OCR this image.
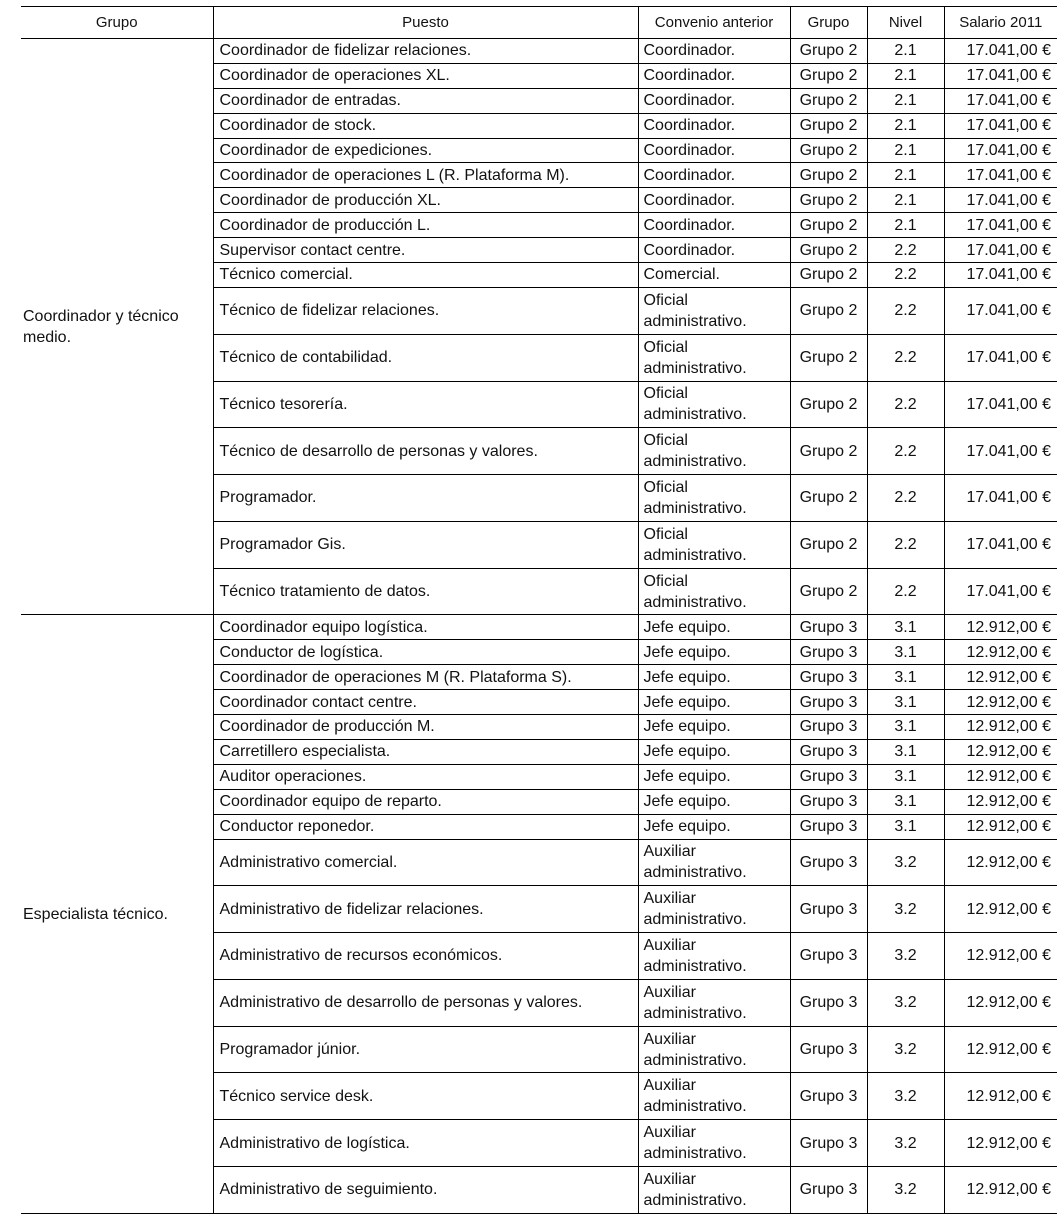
Grupo	Puesto	Convenio anterior	Grupo	Nivel	Salario 2011
Coordinador y técnico medio.	Coordinador de fidelizar relaciones.	Coordinador.	Grupo 2	2.1	17.041,00 €
	Coordinador de operaciones XL.	Coordinador.	Grupo 2	2.1	17.041,00 €
	Coordinador de entradas.	Coordinador.	Grupo 2	2.1	17.041,00 €
	Coordinador de stock.	Coordinador.	Grupo 2	2.1	17.041,00 €
	Coordinador de expediciones.	Coordinador.	Grupo 2	2.1	17.041,00 €
	Coordinador de operaciones L (R. Plataforma M).	Coordinador.	Grupo 2	2.1	17.041,00 €
	Coordinador de producción XL.	Coordinador.	Grupo 2	2.1	17.041,00 €
	Coordinador de producción L.	Coordinador.	Grupo 2	2.1	17.041,00 €
	Supervisor contact centre.	Coordinador.	Grupo 2	2.2	17.041,00 €
	Técnico comercial.	Comercial.	Grupo 2	2.2	17.041,00 €
	Técnico de fidelizar relaciones.	Oficial
administrativo.	Grupo 2	2.2	17.041,00 €
	Técnico de contabilidad.	Oficial
administrativo.	Grupo 2	2.2	17.041,00 €
	Técnico tesorería.	Oficial
administrativo.	Grupo 2	2.2	17.041,00 €
	Técnico de desarrollo de personas y valores.	Oficial
administrativo.	Grupo 2	2.2	17.041,00 €
	Programador.	Oficial
administrativo.	Grupo 2	2.2	17.041,00 €
	Programador Gis.	Oficial
administrativo.	Grupo 2	2.2	17.041,00 €
	Técnico tratamiento de datos.	Oficial
administrativo.	Grupo 2	2.2	17.041,00 €
Especialista técnico.	Coordinador equipo logística.	Jefe equipo.	Grupo 3	3.1	12.912,00 €
	Conductor de logística.	Jefe equipo.	Grupo 3	3.1	12.912,00 €
	Coordinador de operaciones M (R. Plataforma S).	Jefe equipo.	Grupo 3	3.1	12.912,00 €
	Coordinador contact centre.	Jefe equipo.	Grupo 3	3.1	12.912,00 €
	Coordinador de producción M.	Jefe equipo.	Grupo 3	3.1	12.912,00 €
	Carretillero especialista.	Jefe equipo.	Grupo 3	3.1	12.912,00 €
	Auditor operaciones.	Jefe equipo.	Grupo 3	3.1	12.912,00 €
	Coordinador equipo de reparto.	Jefe equipo.	Grupo 3	3.1	12.912,00 €
	Conductor reponedor.	Jefe equipo.	Grupo 3	3.1	12.912,00 €
	Administrativo comercial.	Auxiliar
administrativo.	Grupo 3	3.2	12.912,00 €
	Administrativo de fidelizar relaciones.	Auxiliar
administrativo.	Grupo 3	3.2	12.912,00 €
	Administrativo de recursos económicos.	Auxiliar
administrativo.	Grupo 3	3.2	12.912,00 €
	Administrativo de desarrollo de personas y valores.	Auxiliar
administrativo.	Grupo 3	3.2	12.912,00 €
	Programador júnior.	Auxiliar
administrativo.	Grupo 3	3.2	12.912,00 €
	Técnico service desk.	Auxiliar
administrativo.	Grupo 3	3.2	12.912,00 €
	Administrativo de logística.	Auxiliar
administrativo.	Grupo 3	3.2	12.912,00 €
	Administrativo de seguimiento.	Auxiliar
administrativo.	Grupo 3	3.2	12.912,00 €
